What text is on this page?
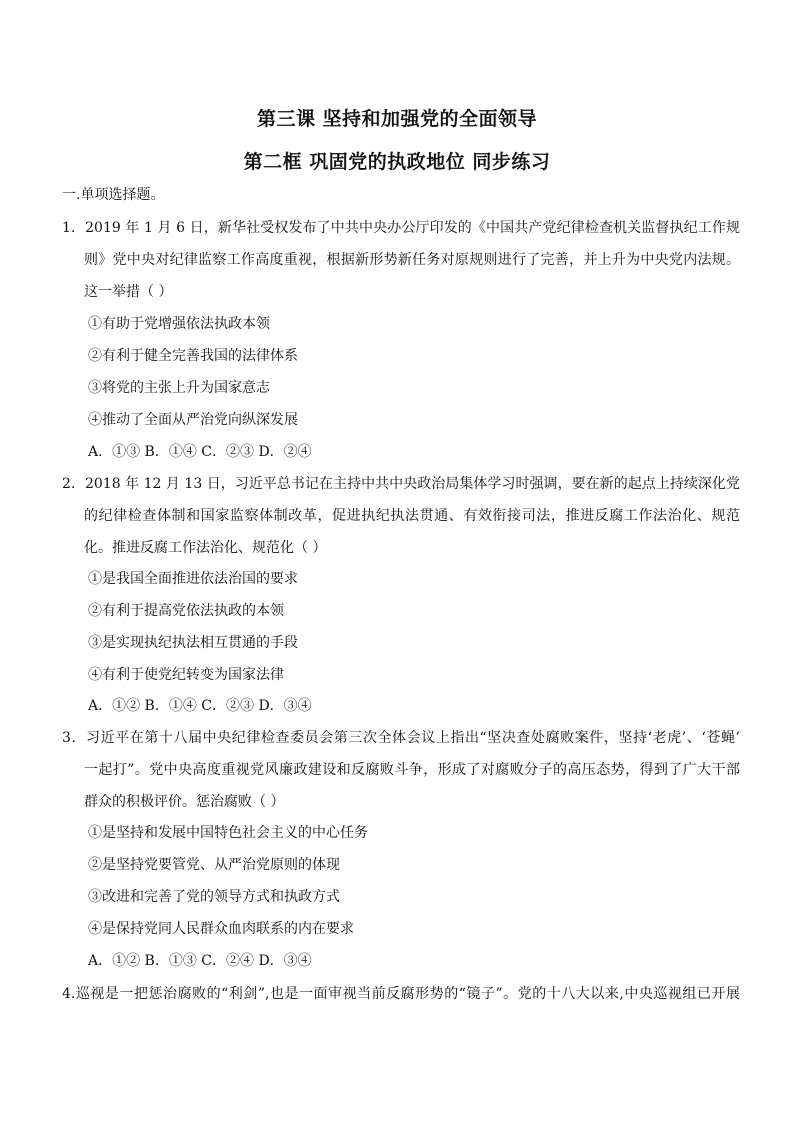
第三课 坚持和加强党的全面领导
第二框 巩固党的执政地位 同步练习
一.单项选择题。
1．2019 年 1 月 6 日，新华社受权发布了中共中央办公厅印发的《中国共产党纪律检查机关监督执纪工作规
则》党中央对纪律监察工作高度重视，根据新形势新任务对原规则进行了完善，并上升为中央党内法规。
这一举措（ ）
①有助于党增强依法执政本领
②有利于健全完善我国的法律体系
③将党的主张上升为国家意志
④推动了全面从严治党向纵深发展
A．①③ B．①④ C．②③ D．②④
2．2018 年 12 月 13 日，习近平总书记在主持中共中央政治局集体学习时强调，要在新的起点上持续深化党
的纪律检查体制和国家监察体制改革，促进执纪执法贯通、有效衔接司法，推进反腐工作法治化、规范
化。推进反腐工作法治化、规范化（ ）
①是我国全面推进依法治国的要求
②有利于提高党依法执政的本领
③是实现执纪执法相互贯通的手段
④有利于使党纪转变为国家法律
A．①② B．①④ C．②③ D．③④
3．习近平在第十八届中央纪律检查委员会第三次全体会议上指出“坚决查处腐败案件，坚持‘老虎’、‘苍蝇’
一起打”。党中央高度重视党风廉政建设和反腐败斗争，形成了对腐败分子的高压态势，得到了广大干部
群众的积极评价。惩治腐败（ ）
①是坚持和发展中国特色社会主义的中心任务
②是坚持党要管党、从严治党原则的体现
③改进和完善了党的领导方式和执政方式
④是保持党同人民群众血肉联系的内在要求
A．①② B．①③ C．②④ D．③④
4.巡视是一把惩治腐败的“利剑”,也是一面审视当前反腐形势的“镜子”。党的十八大以来,中央巡视组已开展
